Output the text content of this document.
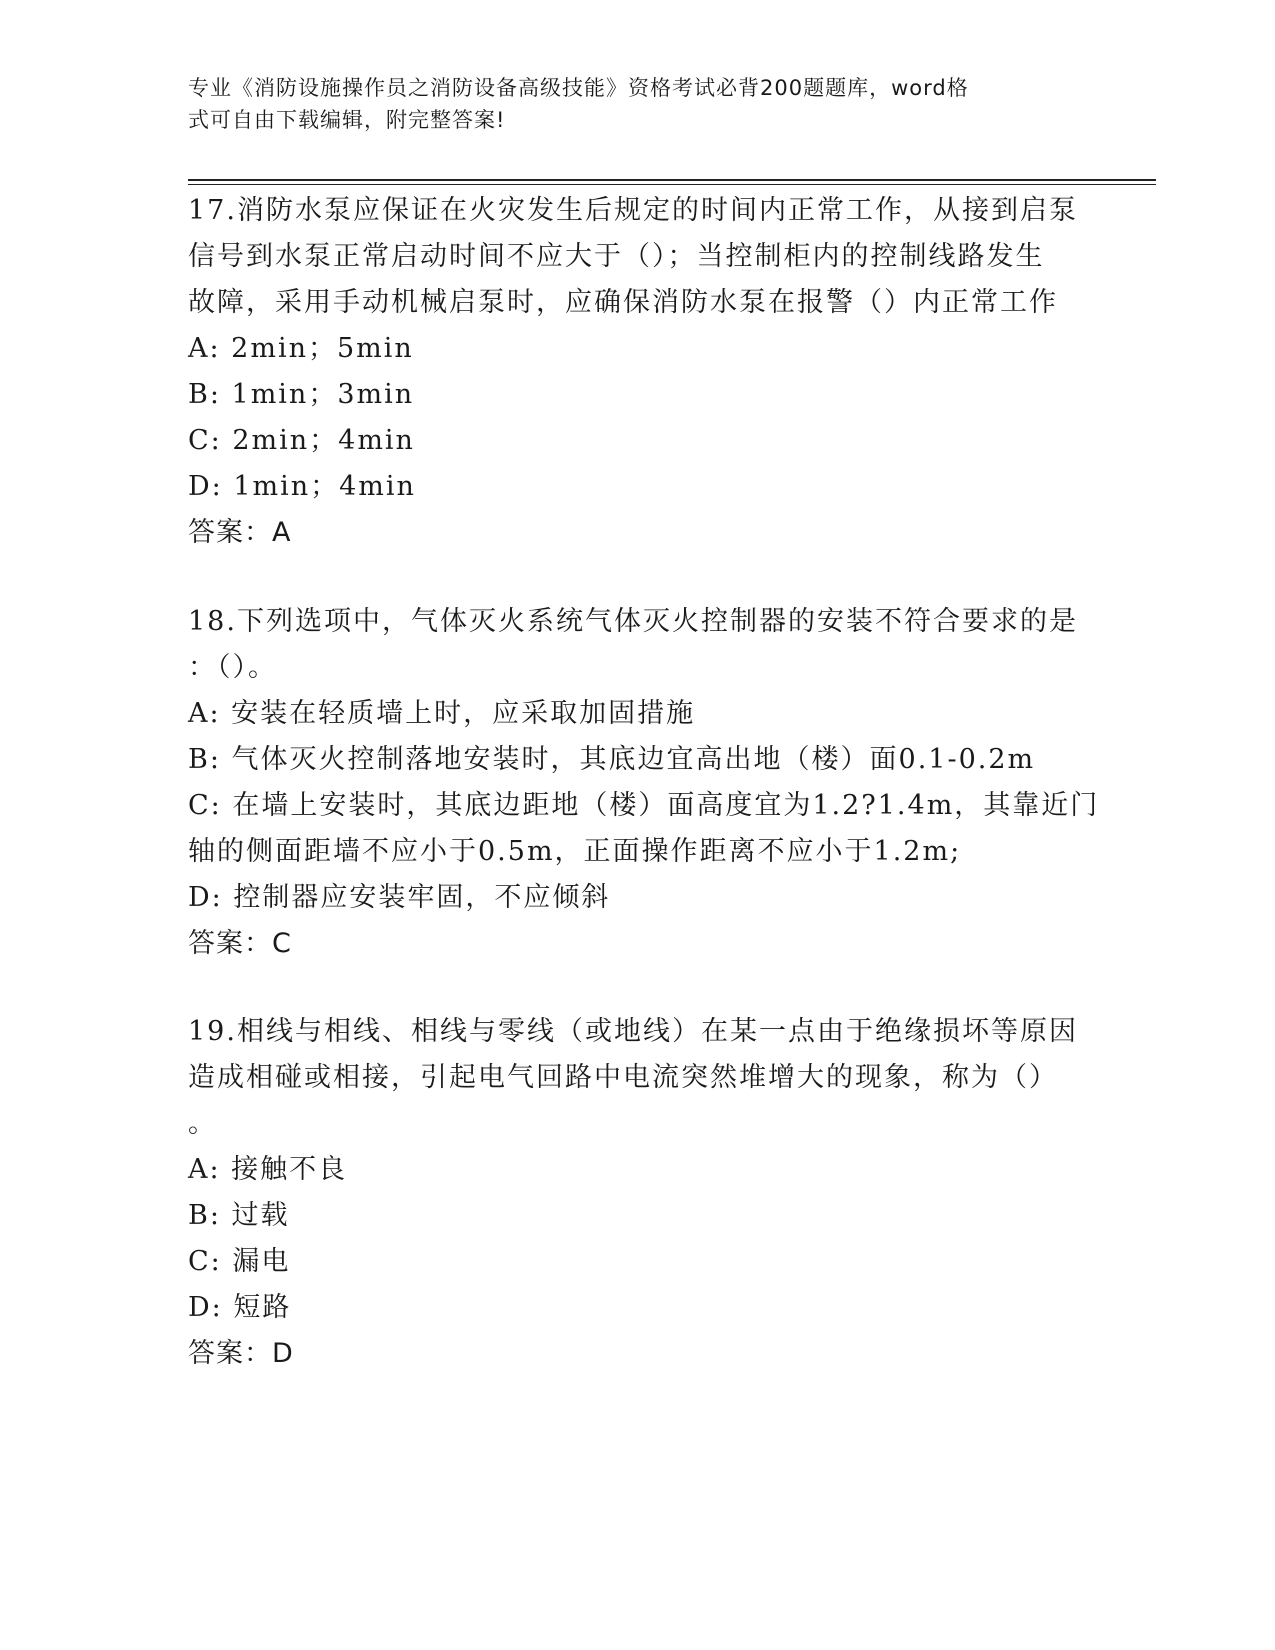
专业《消防设施操作员之消防设备高级技能》资格考试必背200题题库，word格
式可自由下载编辑，附完整答案!
17.消防水泵应保证在火灾发生后规定的时间内正常工作，从接到启泵
信号到水泵正常启动时间不应大于（）；当控制柜内的控制线路发生
故障，采用手动机械启泵时，应确保消防水泵在报警（）内正常工作
A: 2min；5min
B: 1min；3min
C: 2min；4min
D: 1min；4min
答案：A
18.下列选项中，气体灭火系统气体灭火控制器的安装不符合要求的是
：（）。
A: 安装在轻质墙上时，应采取加固措施
B: 气体灭火控制落地安装时，其底边宜高出地（楼）面0.1-0.2m
C: 在墙上安装时，其底边距地（楼）面高度宜为1.2?1.4m，其靠近门
轴的侧面距墙不应小于0.5m，正面操作距离不应小于1.2m;
D: 控制器应安装牢固，不应倾斜
答案：C
19.相线与相线、相线与零线（或地线）在某一点由于绝缘损坏等原因
造成相碰或相接，引起电气回路中电流突然堆增大的现象，称为（）
。
A: 接触不良
B: 过载
C: 漏电
D: 短路
答案：D
